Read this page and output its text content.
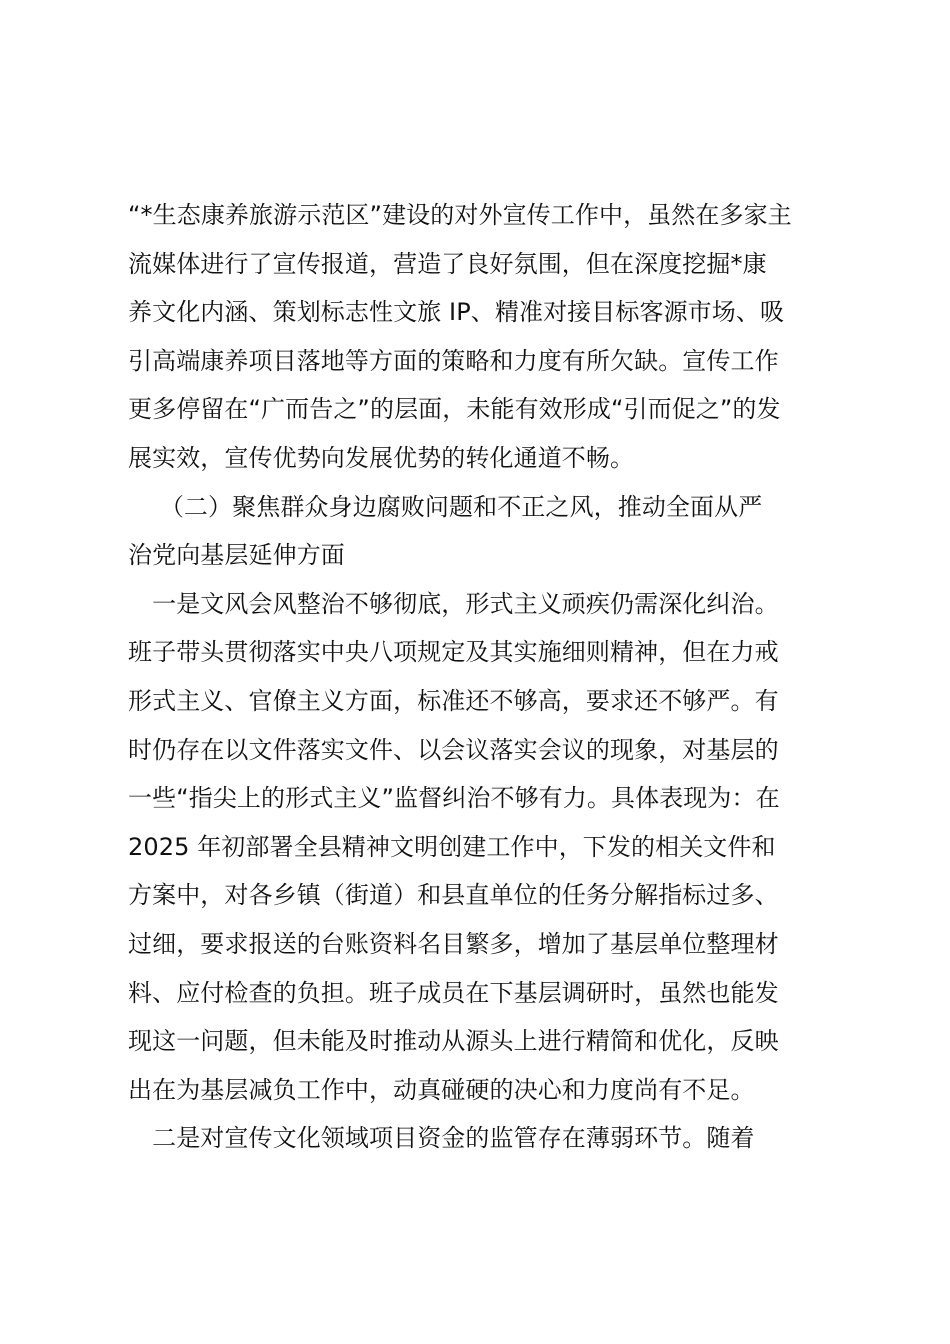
“*生态康养旅游示范区”建设的对外宣传工作中，虽然在多家主
流媒体进行了宣传报道，营造了良好氛围，但在深度挖掘*康
养文化内涵、策划标志性文旅 IP、精准对接目标客源市场、吸
引高端康养项目落地等方面的策略和力度有所欠缺。宣传工作
更多停留在“广而告之”的层面，未能有效形成“引而促之”的发
展实效，宣传优势向发展优势的转化通道不畅。
　 （二）聚焦群众身边腐败问题和不正之风，推动全面从严
治党向基层延伸方面
　一是文风会风整治不够彻底，形式主义顽疾仍需深化纠治。
班子带头贯彻落实中央八项规定及其实施细则精神，但在力戒
形式主义、官僚主义方面，标准还不够高，要求还不够严。有
时仍存在以文件落实文件、以会议落实会议的现象，对基层的
一些“指尖上的形式主义”监督纠治不够有力。具体表现为：在
2025 年初部署全县精神文明创建工作中，下发的相关文件和
方案中，对各乡镇（街道）和县直单位的任务分解指标过多、
过细，要求报送的台账资料名目繁多，增加了基层单位整理材
料、应付检查的负担。班子成员在下基层调研时，虽然也能发
现这一问题，但未能及时推动从源头上进行精简和优化，反映
出在为基层减负工作中，动真碰硬的决心和力度尚有不足。
　二是对宣传文化领域项目资金的监管存在薄弱环节。随着
